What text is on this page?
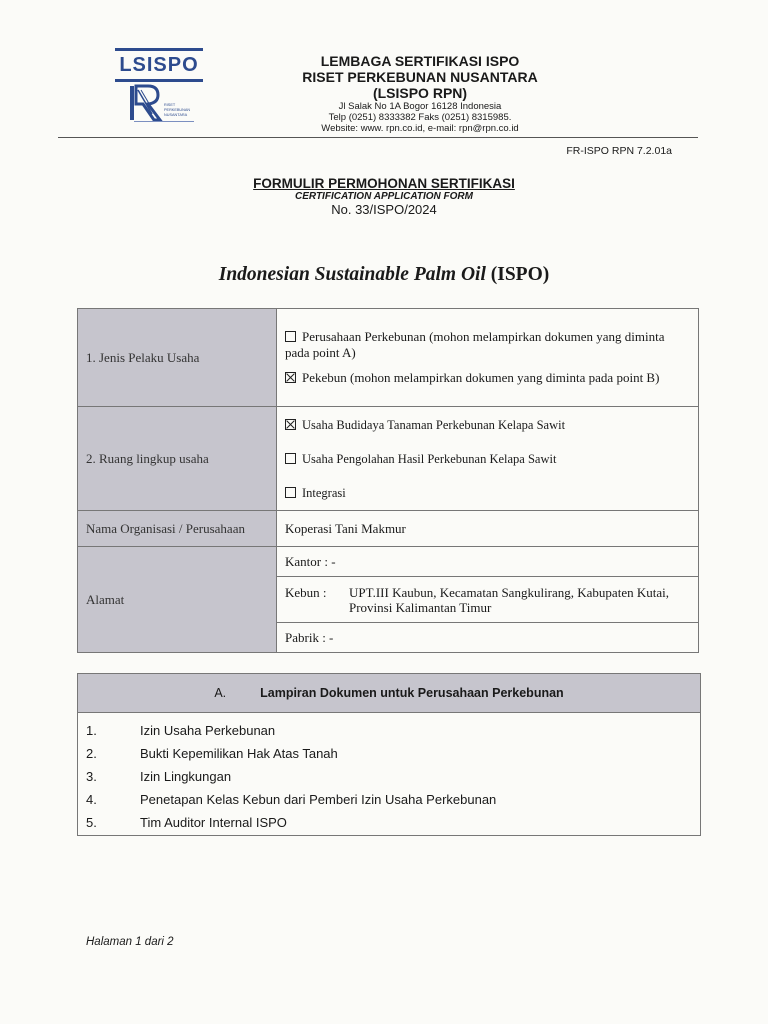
LSISPO
RISET
PERKEBUNAN
NUSANTARA
LEMBAGA SERTIFIKASI ISPO
RISET PERKEBUNAN NUSANTARA
(LSISPO RPN)
Jl Salak No 1A Bogor 16128 Indonesia
Telp (0251) 8333382 Faks (0251) 8315985.
Website: www. rpn.co.id, e-mail: rpn@rpn.co.id
FR-ISPO RPN 7.2.01a
FORMULIR PERMOHONAN SERTIFIKASI
CERTIFICATION APPLICATION FORM
No. 33/ISPO/2024
Indonesian Sustainable Palm Oil (ISPO)
1. Jenis Pelaku Usaha	Perusahaan Perkebunan (mohon melampirkan dokumen yang diminta pada point A)
Pekebun (mohon melampirkan dokumen yang diminta pada point B)

2. Ruang lingkup usaha	Usaha Budidaya Tanaman Perkebunan Kelapa Sawit
Usaha Pengolahan Hasil Perkebunan Kelapa Sawit
Integrasi

Nama Organisasi / Perusahaan	Koperasi Tani Makmur
Alamat	Kantor : -

	Kebun : UPT.III Kaubun, Kecamatan Sangkulirang, Kabupaten Kutai, Provinsi Kalimantan Timur

	Pabrik : -
A.	Lampiran Dokumen untuk Perusahaan Perkebunan
1.	Izin Usaha Perkebunan
2.	Bukti Kepemilikan Hak Atas Tanah
3.	Izin Lingkungan
4.	Penetapan Kelas Kebun dari Pemberi Izin Usaha Perkebunan
5.	Tim Auditor Internal ISPO
Halaman 1 dari 2
